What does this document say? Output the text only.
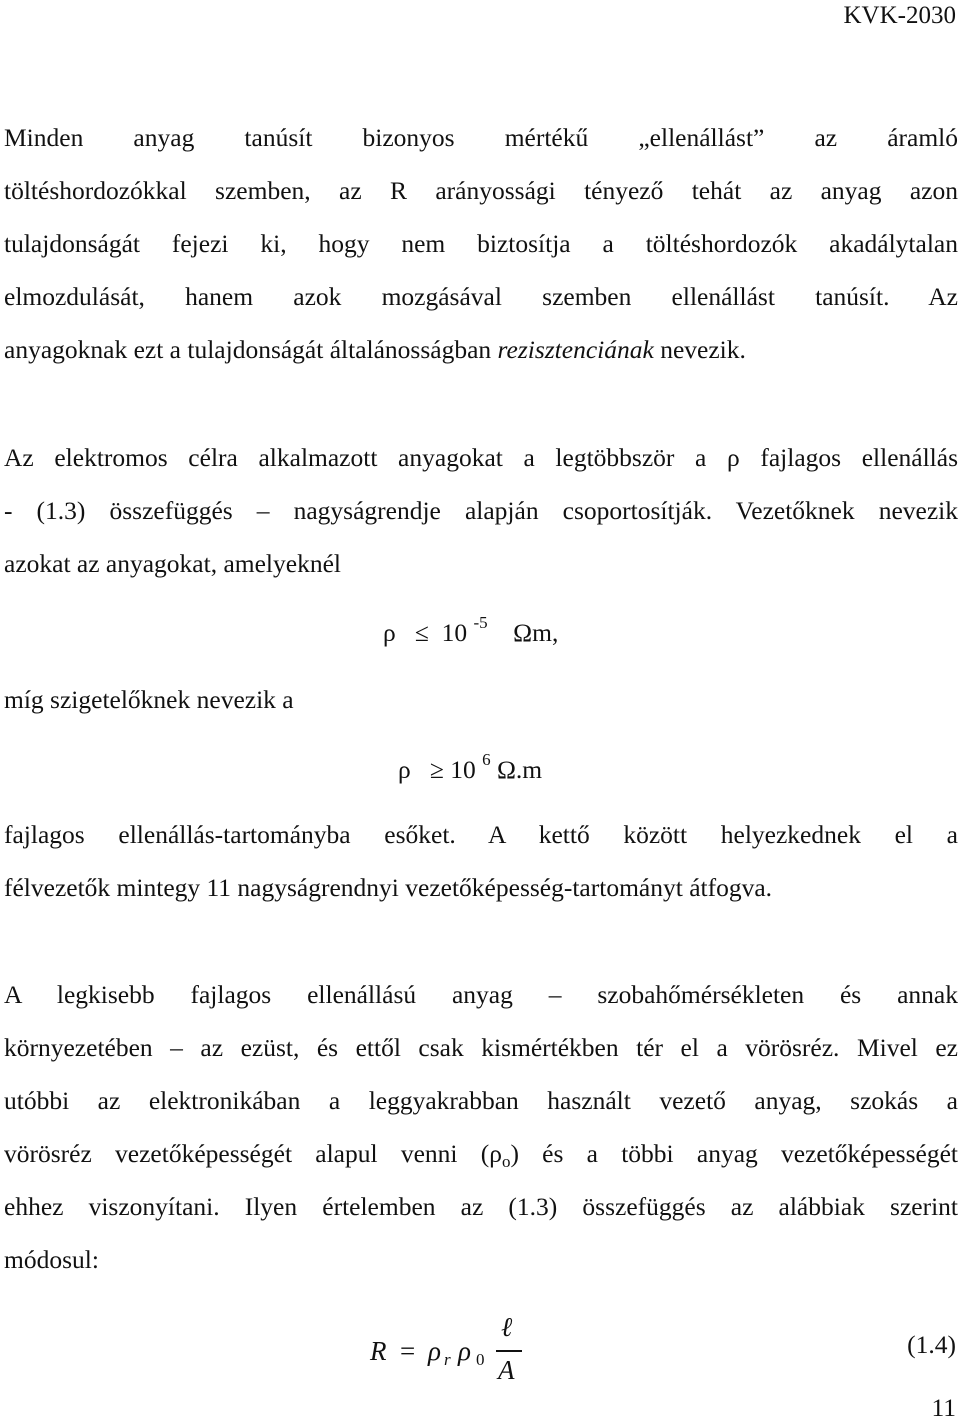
KVK-2030
Minden anyag tanúsít bizonyos mértékű „ellenállást” az áramló
töltéshordozókkal szemben, az R arányossági tényező tehát az anyag azon
tulajdonságát fejezi ki, hogy nem biztosítja a töltéshordozók akadálytalan
elmozdulását, hanem azok mozgásával szemben ellenállást tanúsít. Az
anyagoknak ezt a tulajdonságát általánosságban rezisztenciának nevezik.
Az elektromos célra alkalmazott anyagokat a legtöbbször a ρ fajlagos ellenállás
- (1.3) összefüggés – nagyságrendje alapján csoportosítják. Vezetőknek nevezik
azokat az anyagokat, amelyeknél
ρ ≤ 10 $^{-5}$ Ωm,
míg szigetelőknek nevezik a
ρ ≥ 10 $^6$ Ω.m
fajlagos ellenállás-tartományba esőket. A kettő között helyezkednek el a
félvezetők mintegy 11 nagyságrendnyi vezetőképesség-tartományt átfogva.
A legkisebb fajlagos ellenállású anyag – szobahőmérsékleten és annak
környezetében – az ezüst, és ettől csak kismértékben tér el a vörösréz. Mivel ez
utóbbi az elektronikában a leggyakrabban használt vezető anyag, szokás a
vörösréz vezetőképességét alapul venni (ρo) és a többi anyag vezetőképességét
ehhez viszonyítani. Ilyen értelemben az (1.3) összefüggés az alábbiak szerint
módosul:
R = ρ r ρ 0
ℓ
A
(1.4)
11
